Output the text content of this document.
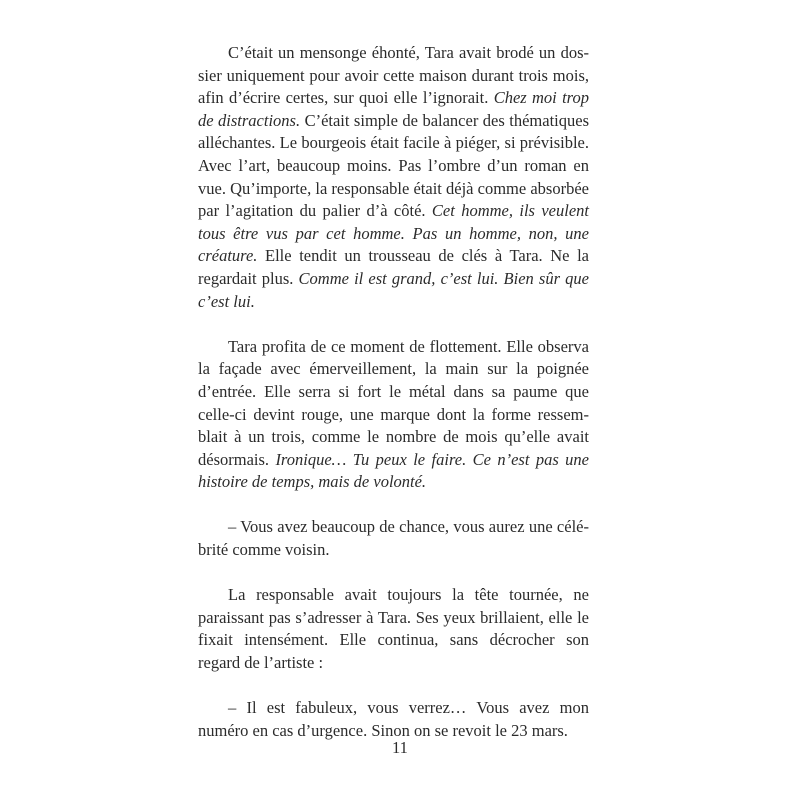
C’était un mensonge éhonté, Tara avait brodé un dossier uniquement pour avoir cette maison durant trois mois, afin d’écrire certes, sur quoi elle l’ignorait. Chez moi trop de distractions. C’était simple de balancer des thématiques alléchantes. Le bourgeois était facile à piéger, si prévisible. Avec l’art, beaucoup moins. Pas l’ombre d’un roman en vue. Qu’importe, la responsable était déjà comme absorbée par l’agitation du palier d’à côté. Cet homme, ils veulent tous être vus par cet homme. Pas un homme, non, une créature. Elle tendit un trousseau de clés à Tara. Ne la regardait plus. Comme il est grand, c’est lui. Bien sûr que c’est lui.

Tara profita de ce moment de flottement. Elle observa la façade avec émerveillement, la main sur la poignée d’entrée. Elle serra si fort le métal dans sa paume que celle-ci devint rouge, une marque dont la forme ressemblait à un trois, comme le nombre de mois qu’elle avait désormais. Ironique… Tu peux le faire. Ce n’est pas une histoire de temps, mais de volonté.

– Vous avez beaucoup de chance, vous aurez une célébrité comme voisin.

La responsable avait toujours la tête tournée, ne paraissant pas s’adresser à Tara. Ses yeux brillaient, elle le fixait intensément. Elle continua, sans décrocher son regard de l’artiste :

– Il est fabuleux, vous verrez… Vous avez mon numéro en cas d’urgence. Sinon on se revoit le 23 mars.

11
